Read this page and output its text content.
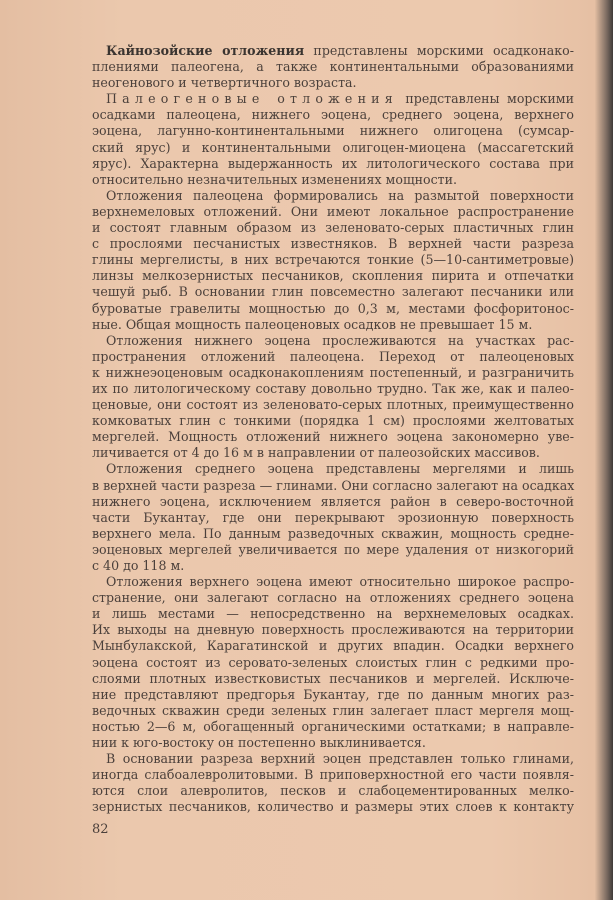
Кайнозойские отложения представлены морскими осадконако-
плениями палеогена, а также континентальными образованиями
неогенового и четвертичного возраста.
Палеогеновые отложения представлены морскими
осадками палеоцена, нижнего эоцена, среднего эоцена, верхнего
эоцена, лагунно-континентальными нижнего олигоцена (сумсар-
ский ярус) и континентальными олигоцен-миоцена (массагетский
ярус). Характерна выдержанность их литологического состава при
относительно незначительных изменениях мощности.
Отложения палеоцена формировались на размытой поверхности
верхнемеловых отложений. Они имеют локальное распространение
и состоят главным образом из зеленовато-серых пластичных глин
с прослоями песчанистых известняков. В верхней части разреза
глины мергелисты, в них встречаются тонкие (5—10-сантиметровые)
линзы мелкозернистых песчаников, скопления пирита и отпечатки
чешуй рыб. В основании глин повсеместно залегают песчаники или
буроватые гравелиты мощностью до 0,3 м, местами фосфоритонос-
ные. Общая мощность палеоценовых осадков не превышает 15 м.
Отложения нижнего эоцена прослеживаются на участках рас-
пространения отложений палеоцена. Переход от палеоценовых
к нижнеэоценовым осадконакоплениям постепенный, и разграничить
их по литологическому составу довольно трудно. Так же, как и палео-
ценовые, они состоят из зеленовато-серых плотных, преимущественно
комковатых глин с тонкими (порядка 1 см) прослоями желтоватых
мергелей. Мощность отложений нижнего эоцена закономерно уве-
личивается от 4 до 16 м в направлении от палеозойских массивов.
Отложения среднего эоцена представлены мергелями и лишь
в верхней части разреза — глинами. Они согласно залегают на осадках
нижнего эоцена, исключением является район в северо-восточной
части Букантау, где они перекрывают эрозионную поверхность
верхнего мела. По данным разведочных скважин, мощность средне-
эоценовых мергелей увеличивается по мере удаления от низкогорий
с 40 до 118 м.
Отложения верхнего эоцена имеют относительно широкое распро-
странение, они залегают согласно на отложениях среднего эоцена
и лишь местами — непосредственно на верхнемеловых осадках.
Их выходы на дневную поверхность прослеживаются на территории
Мынбулакской, Карагатинской и других впадин. Осадки верхнего
эоцена состоят из серовато-зеленых слоистых глин с редкими про-
слоями плотных известковистых песчаников и мергелей. Исключе-
ние представляют предгорья Букантау, где по данным многих раз-
ведочных скважин среди зеленых глин залегает пласт мергеля мощ-
ностью 2—6 м, обогащенный органическими остатками; в направле-
нии к юго-востоку он постепенно выклинивается.
В основании разреза верхний эоцен представлен только глинами,
иногда слабоалевролитовыми. В приповерхностной его части появля-
ются слои алевролитов, песков и слабоцементированных мелко-
зернистых песчаников, количество и размеры этих слоев к контакту
82
